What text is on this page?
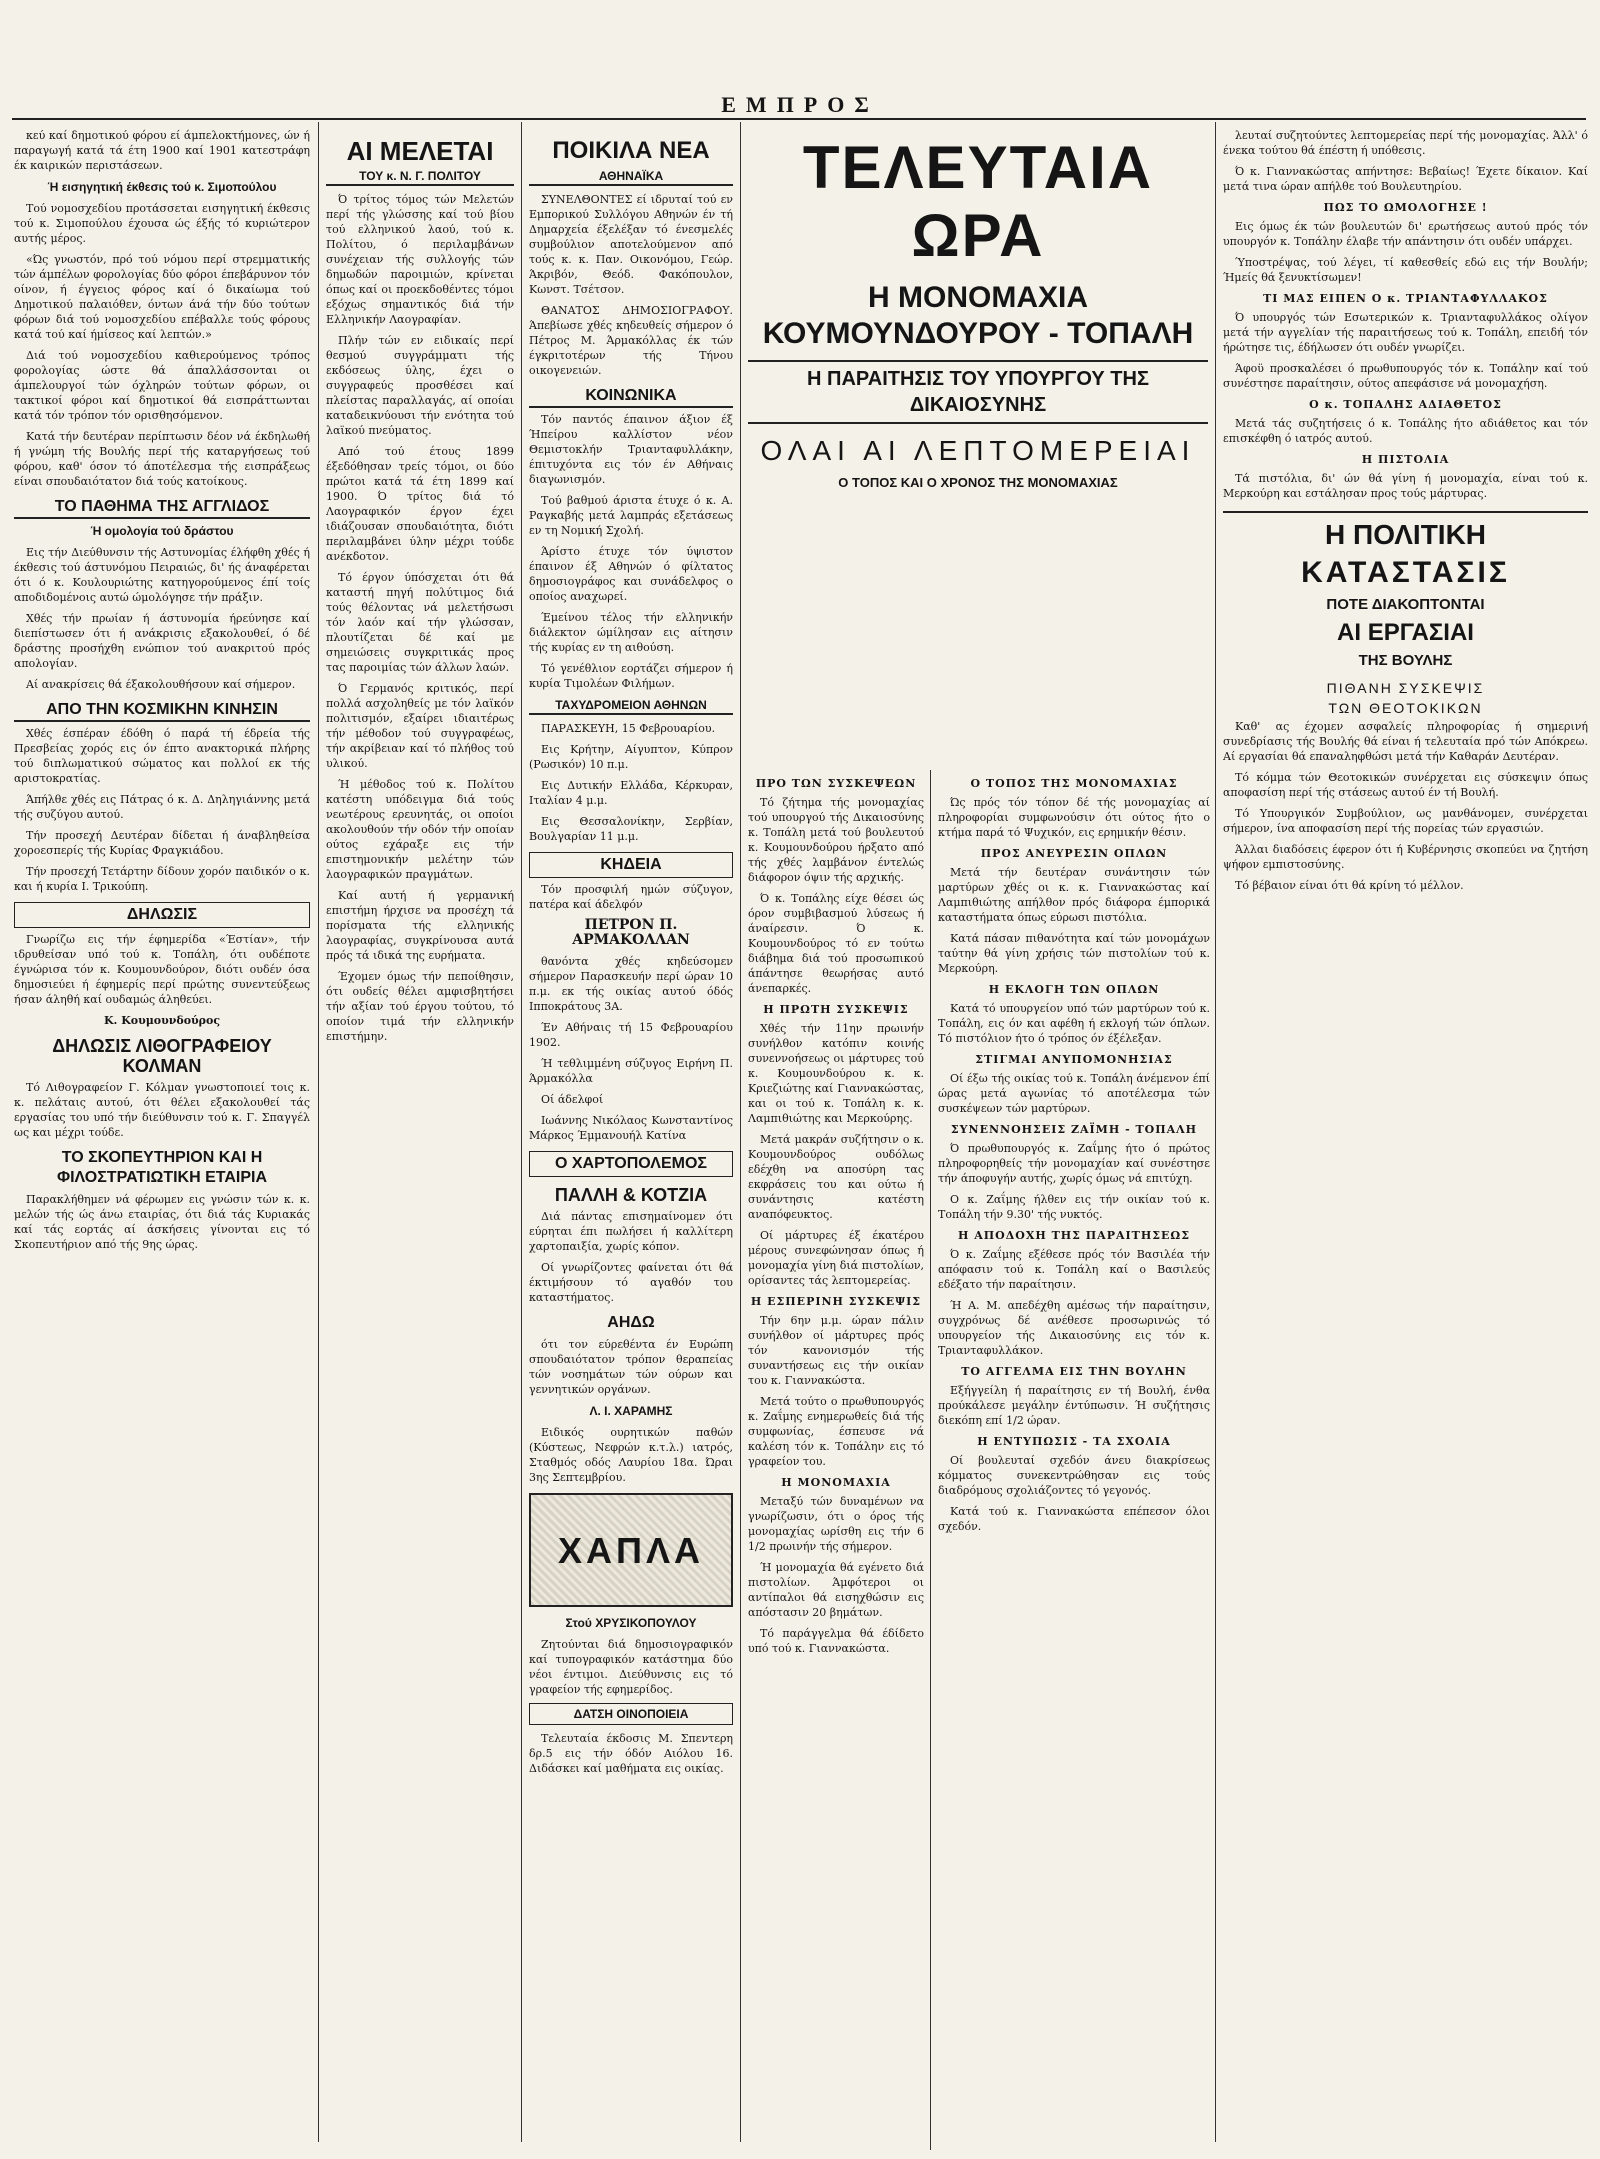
ΕΜΠΡΟΣ

κεύ καί δημοτικού φόρου εί άμπελοκτήμονες, ών ή παραγωγή κατά τά έτη 1900 καί 1901 κατεστράφη έκ καιρικών περιστάσεων.

Ή εισηγητική έκθεσις τού κ. Σιμοπούλου

Τού νομοσχεδίου προτάσσεται εισηγητική έκθεσις τού κ. Σιμοπούλου έχουσα ώς έξής τό κυριώτερον αυτής μέρος.

«Ώς γνωστόν, πρό τού νόμου περί στρεμματικής τών άμπέλων φορολογίας δύο φόροι έπεβάρυνον τόν οίνον, ή έγγειος φόρος καί ό δικαίωμα τού Δημοτικού παλαιόθεν, όντων άνά τήν δύο τούτων φόρων διά τού νομοσχεδίου επέβαλλε τούς φόρους κατά τού καί ήμίσεος καί λεπτών.»

Διά τού νομοσχεδίου καθιερούμενος τρόπος φορολογίας ώστε θά άπαλλάσσονται οι άμπελουργοί τών όχληρών τούτων φόρων, οι τακτικοί φόροι καί δημοτικοί θά εισπράττωνται κατά τόν τρόπον τόν ορισθησόμενον.

Κατά τήν δευτέραν περίπτωσιν δέον νά έκδηλωθή ή γνώμη τής Βουλής περί τής καταργήσεως τού φόρου, καθ' όσον τό άποτέλεσμα τής εισπράξεως είναι σπουδαιότατον διά τούς κατοίκους.

ΤΟ ΠΑΘΗΜΑ ΤΗΣ ΑΓΓΛΙΔΟΣ
Ή ομολογία τού δράστου

Εις τήν Διεύθυνσιν τής Αστυνομίας έλήφθη χθές ή έκθεσις τού άστυνόμου Πειραιώς, δι' ής άναφέρεται ότι ό κ. Κουλουριώτης κατηγορούμενος έπί τοίς αποδιδομένοις αυτώ ώμολόγησε τήν πράξιν.

Χθές τήν πρωίαν ή άστυνομία ήρεύνησε καί διεπίστωσεν ότι ή ανάκρισις εξακολουθεί, ό δέ δράστης προσήχθη ενώπιον τού ανακριτού πρός απολογίαν.

Αί ανακρίσεις θά έξακολουθήσουν καί σήμερον.

ΑΠΟ ΤΗΝ ΚΟΣΜΙΚΗΝ ΚΙΝΗΣΙΝ

Χθές έσπέραν έδόθη ό παρά τή έδρεία τής Πρεσβείας χορός εις όν έπτο ανακτορικά πλήρης τού διπλωματικού σώματος και πολλοί εκ τής αριστοκρατίας.

Άπήλθε χθές εις Πάτρας ό κ. Δ. Δηληγιάννης μετά τής συζύγου αυτού.

Τήν προσεχή Δευτέραν δίδεται ή άναβληθείσα χοροεσπερίς τής Κυρίας Φραγκιάδου.

Τήν προσεχή Τετάρτην δίδουν χορόν παιδικόν ο κ. και ή κυρία Ι. Τρικούπη.

ΔΗΛΩΣΙΣ

Γνωρίζω εις τήν έφημερίδα «Έστίαν», τήν ιδρυθείσαν υπό τού κ. Τοπάλη, ότι ουδέποτε έγνώρισα τόν κ. Κουμουνδούρον, διότι ουδέν όσα δημοσιεύει ή έφημερίς περί πρώτης συνεντεύξεως ήσαν άληθή καί ουδαμώς άληθεύει.

Κ. Κουμουνδούρος
ΔΗΛΩΣΙΣ ΛΙΘΟΓΡΑΦΕΙΟΥ ΚΟΛΜΑΝ

Τό Λιθογραφείον Γ. Κόλμαν γνωστοποιεί τοις κ. κ. πελάταις αυτού, ότι θέλει εξακολουθεί τάς εργασίας του υπό τήν διεύθυνσιν τού κ. Γ. Σπαγγέλ ως και μέχρι τούδε.

ΤΟ ΣΚΟΠΕΥΤΗΡΙΟΝ ΚΑΙ Η ΦΙΛΟΣΤΡΑΤΙΩΤΙΚΗ ΕΤΑΙΡΙΑ

Παρακλήθημεν νά φέρωμεν εις γνώσιν τών κ. κ. μελών τής ώς άνω εταιρίας, ότι διά τάς Κυριακάς καί τάς εορτάς αί άσκήσεις γίνονται εις τό Σκοπευτήριον από τής 9ης ώρας.

ΑΙ ΜΕΛΕΤΑΙ
ΤΟΥ κ. Ν. Γ. ΠΟΛΙΤΟΥ

Ό τρίτος τόμος τών Μελετών περί τής γλώσσης καί τού βίου τού ελληνικού λαού, τού κ. Πολίτου, ό περιλαμβάνων συνέχειαν τής συλλογής τών δημωδών παροιμιών, κρίνεται όπως καί οι προεκδοθέντες τόμοι εξόχως σημαντικός διά τήν Ελληνικήν Λαογραφίαν.

Πλήν τών εν ειδικαίς περί θεσμού συγγράμματι τής εκδόσεως ύλης, έχει ο συγγραφεύς προσθέσει καί πλείστας παραλλαγάς, αί οποίαι καταδεικνύουσι τήν ενότητα τού λαϊκού πνεύματος.

Από τού έτους 1899 έξεδόθησαν τρείς τόμοι, οι δύο πρώτοι κατά τά έτη 1899 καί 1900. Ό τρίτος διά τό Λαογραφικόν έργον έχει ιδιάζουσαν σπουδαιότητα, διότι περιλαμβάνει ύλην μέχρι τούδε ανέκδοτον.

Τό έργον ύπόσχεται ότι θά καταστή πηγή πολύτιμος διά τούς θέλοντας νά μελετήσωσι τόν λαόν καί τήν γλώσσαν, πλουτίζεται δέ καί με σημειώσεις συγκριτικάς προς τας παροιμίας τών άλλων λαών.

Ό Γερμανός κριτικός, περί πολλά ασχοληθείς με τόν λαϊκόν πολιτισμόν, εξαίρει ιδιαιτέρως τήν μέθοδον τού συγγραφέως, τήν ακρίβειαν καί τό πλήθος τού υλικού.

Ή μέθοδος τού κ. Πολίτου κατέστη υπόδειγμα διά τούς νεωτέρους ερευνητάς, οι οποίοι ακολουθούν τήν οδόν τήν οποίαν ούτος εχάραξε εις τήν επιστημονικήν μελέτην τών λαογραφικών πραγμάτων.

Καί αυτή ή γερμανική επιστήμη ήρχισε να προσέχη τά πορίσματα τής ελληνικής λαογραφίας, συγκρίνουσα αυτά πρός τά ιδικά της ευρήματα.

Έχομεν όμως τήν πεποίθησιν, ότι ουδείς θέλει αμφισβητήσει τήν αξίαν τού έργου τούτου, τό οποίον τιμά τήν ελληνικήν επιστήμην.

ΠΟΙΚΙΛΑ ΝΕΑ
ΑΘΗΝΑΪΚΑ

ΣΥΝΕΛΘΟΝΤΕΣ εί ιδρυταί τού εν Εμπορικού Συλλόγου Αθηνών έν τή Δημαρχεία έξελέξαν τό ένεσμελές συμβούλιον αποτελούμενον από τούς κ. κ. Παν. Οικονόμου, Γεώρ. Άκριβόν, Θεόδ. Φακόπουλον, Κωνστ. Τσέτσον.

ΘΑΝΑΤΟΣ ΔΗΜΟΣΙΟΓΡΑΦΟΥ. Άπεβίωσε χθές κηδευθείς σήμερον ό Πέτρος Μ. Άρμακόλλας έκ τών έγκριτοτέρων τής Τήνου οικογενειών.

ΚΟΙΝΩΝΙΚΑ

Τόν παντός έπαινον άξιον έξ Ήπείρου καλλίστον νέον Θεμιστοκλήν Τριανταφυλλάκην, έπιτυχόντα εις τόν έν Αθήναις διαγωνισμόν.

Τού βαθμού άριστα έτυχε ό κ. Α. Ραγκαβής μετά λαμπράς εξετάσεως εν τη Νομική Σχολή.

Άρίστο έτυχε τόν ύψιστον έπαινον έξ Αθηνών ό φίλτατος δημοσιογράφος και συνάδελφος ο οποίος αναχωρεί.

Έμείνου τέλος τήν ελληνικήν διάλεκτον ώμίλησαν εις αίτησιν τής κυρίας εν τη αιθούση.

Τό γενέθλιον εορτάζει σήμερον ή κυρία Τιμολέων Φιλήμων.

ΤΑΧΥΔΡΟΜΕΙΟΝ ΑΘΗΝΩΝ

ΠΑΡΑΣΚΕΥΗ, 15 Φεβρουαρίου.

Εις Κρήτην, Αίγυπτον, Κύπρον (Ρωσικόν) 10 π.μ.

Εις Δυτικήν Ελλάδα, Κέρκυραν, Ιταλίαν 4 μ.μ.

Εις Θεσσαλονίκην, Σερβίαν, Βουλγαρίαν 11 μ.μ.

ΚΗΔΕΙΑ

Τόν προσφιλή ημών σύζυγον, πατέρα καί άδελφόν

ΠΕΤΡΟΝ Π. ΑΡΜΑΚΟΛΛΑΝ

θανόντα χθές κηδεύσομεν σήμερον Παρασκευήν περί ώραν 10 π.μ. εκ τής οικίας αυτού όδός Ιπποκράτους 3Α.

Έν Αθήναις τή 15 Φεβρουαρίου 1902.

Ή τεθλιμμένη σύζυγος Ειρήνη Π. Άρμακόλλα

Οί άδελφοί

Ιωάννης Νικόλαος Κωνσταντίνος Μάρκος Έμμανουήλ Κατίνα

Ο ΧΑΡΤΟΠΟΛΕΜΟΣ
ΠΑΛΛΗ & ΚΟΤΖΙΑ

Διά πάντας επισημαίνομεν ότι εύρηται έπι πωλήσει ή καλλίτερη χαρτοπαιξία, χωρίς κόπον.

Οί γνωρίζοντες φαίνεται ότι θά έκτιμήσουν τό αγαθόν του καταστήματος.

ΑΗΔΩ

ότι τον εύρεθέντα έν Ευρώπη σπουδαιότατον τρόπον θεραπείας τών νοσημάτων τών ούρων και γεννητικών οργάνων.

Λ. Ι. ΧΑΡΑΜΗΣ

Ειδικός ουρητικών παθών (Κύστεως, Νεφρών κ.τ.λ.) ιατρός, Σταθμός οδός Λαυρίου 18α. Ώραι 3ης Σεπτεμβρίου.

ΧΑΠΛΑ
Στού ΧΡΥΣΙΚΟΠΟΥΛΟΥ

Ζητούνται διά δημοσιογραφικόν καί τυπογραφικόν κατάστημα δύο νέοι έντιμοι. Διεύθυνσις εις τό γραφείον τής εφημερίδος.

ΔΑΤΣΗ ΟΙΝΟΠΟΙΕΙΑ

Τελευταία έκδοσις Μ. Σπεντερη δρ.5 εις τήν όδόν Αιόλου 16. Διδάσκει καί μαθήματα εις οικίας.

ΤΕΛΕΥΤΑΙΑ ΩΡΑ
Η ΜΟΝΟΜΑΧΙΑ ΚΟΥΜΟΥΝΔΟΥΡΟΥ - ΤΟΠΑΛΗ
Η ΠΑΡΑΙΤΗΣΙΣ ΤΟΥ ΥΠΟΥΡΓΟΥ ΤΗΣ ΔΙΚΑΙΟΣΥΝΗΣ
ΟΛΑΙ ΑΙ ΛΕΠΤΟΜΕΡΕΙΑΙ
Ο ΤΟΠΟΣ ΚΑΙ Ο ΧΡΟΝΟΣ ΤΗΣ ΜΟΝΟΜΑΧΙΑΣ
ΠΡΟ ΤΩΝ ΣΥΣΚΕΨΕΩΝ

Τό ζήτημα τής μονομαχίας τού υπουργού τής Δικαιοσύνης κ. Τοπάλη μετά τού βουλευτού κ. Κουμουνδούρου ήρξατο από τής χθές λαμβάνον έντελώς διάφορον όψιν τής αρχικής.

Ό κ. Τοπάλης είχε θέσει ώς όρον συμβιβασμού λύσεως ή άναίρεσιν. Ό κ. Κουμουνδούρος τό εν τούτω διάβημα διά τού προσωπικού άπάντησε θεωρήσας αυτό άνεπαρκές.

Η ΠΡΩΤΗ ΣΥΣΚΕΨΙΣ

Χθές τήν 11ην πρωινήν συνήλθον κατόπιν κοινής συνεννοήσεως οι μάρτυρες τού κ. Κουμουνδούρου κ. κ. Κριεζιώτης καί Γιαννακώστας, και οι τού κ. Τοπάλη κ. κ. Λαμπιθιώτης και Μερκούρης.

Μετά μακράν συζήτησιν ο κ. Κουμουνδούρος ουδόλως εδέχθη να αποσύρη τας εκφράσεις του και ούτω ή συνάντησις κατέστη αναπόφευκτος.

Οί μάρτυρες έξ έκατέρου μέρους συνεφώνησαν όπως ή μονομαχία γίνη διά πιστολίων, ορίσαντες τάς λεπτομερείας.

Η ΕΣΠΕΡΙΝΗ ΣΥΣΚΕΨΙΣ

Τήν 6ην μ.μ. ώραν πάλιν συνήλθον οί μάρτυρες πρός τόν κανονισμόν τής συναντήσεως εις τήν οικίαν του κ. Γιαννακώστα.

Μετά τούτο ο πρωθυπουργός κ. Ζαΐμης ενημερωθείς διά τής συμφωνίας, έσπευσε νά καλέση τόν κ. Τοπάλην εις τό γραφείον του.

Η ΜΟΝΟΜΑΧΙΑ

Μεταξύ τών δυναμένων να γνωρίζωσιν, ότι ο όρος τής μονομαχίας ωρίσθη εις τήν 6 1/2 πρωινήν τής σήμερον.

Ή μονομαχία θά εγένετο διά πιστολίων. Άμφότεροι οι αντίπαλοι θά εισηχθώσιν εις απόστασιν 20 βημάτων.

Τό παράγγελμα θά έδίδετο υπό τού κ. Γιαννακώστα.

Ο ΤΟΠΟΣ ΤΗΣ ΜΟΝΟΜΑΧΙΑΣ

Ώς πρός τόν τόπον δέ τής μονομαχίας αί πληροφορίαι συμφωνούσιν ότι ούτος ήτο ο κτήμα παρά τό Ψυχικόν, εις ερημικήν θέσιν.

ΠΡΟΣ ΑΝΕΥΡΕΣΙΝ ΟΠΛΩΝ

Μετά τήν δευτέραν συνάντησιν τών μαρτύρων χθές οι κ. κ. Γιαννακώστας καί Λαμπιθιώτης απήλθον πρός διάφορα έμπορικά καταστήματα όπως εύρωσι πιστόλια.

Κατά πάσαν πιθανότητα καί τών μονομάχων ταύτην θά γίνη χρήσις τών πιστολίων τού κ. Μερκούρη.

Η ΕΚΛΟΓΗ ΤΩΝ ΟΠΛΩΝ

Κατά τό υπουργείον υπό τών μαρτύρων τού κ. Τοπάλη, εις όν και αφέθη ή εκλογή τών όπλων. Τό πιστόλιον ήτο ό τρόπος όν έξέλεξαν.

ΣΤΙΓΜΑΙ ΑΝΥΠΟΜΟΝΗΣΙΑΣ

Οί έξω τής οικίας τού κ. Τοπάλη άνέμενον έπί ώρας μετά αγωνίας τό αποτέλεσμα τών συσκέψεων τών μαρτύρων.

ΣΥΝΕΝΝΟΗΣΕΙΣ ΖΑΪΜΗ - ΤΟΠΑΛΗ

Ό πρωθυπουργός κ. Ζαΐμης ήτο ό πρώτος πληροφορηθείς τήν μονομαχίαν καί συνέστησε τήν άποφυγήν αυτής, χωρίς όμως νά επιτύχη.

Ο κ. Ζαΐμης ήλθεν εις τήν οικίαν τού κ. Τοπάλη τήν 9.30' τής νυκτός.

Η ΑΠΟΔΟΧΗ ΤΗΣ ΠΑΡΑΙΤΗΣΕΩΣ

Ό κ. Ζαΐμης εξέθεσε πρός τόν Βασιλέα τήν απόφασιν τού κ. Τοπάλη καί ο Βασιλεύς εδέξατο τήν παραίτησιν.

Ή Α. Μ. απεδέχθη αμέσως τήν παραίτησιν, συγχρόνως δέ ανέθεσε προσωρινώς τό υπουργείον τής Δικαιοσύνης εις τόν κ. Τριανταφυλλάκον.

ΤΟ ΑΓΓΕΛΜΑ ΕΙΣ ΤΗΝ ΒΟΥΛΗΝ

Εξήγγείλη ή παραίτησις εν τή Βουλή, ένθα προύκάλεσε μεγάλην έντύπωσιν. Ή συζήτησις διεκόπη επί 1/2 ώραν.

Η ΕΝΤΥΠΩΣΙΣ - ΤΑ ΣΧΟΛΙΑ

Οί βουλευταί σχεδόν άνευ διακρίσεως κόμματος συνεκεντρώθησαν εις τούς διαδρόμους σχολιάζοντες τό γεγονός.

Κατά τού κ. Γιαννακώστα επέπεσον όλοι σχεδόν.

λευταί συζητούντες λεπτομερείας περί τής μονομαχίας. Άλλ' ό ένεκα τούτου θά έπέστη ή υπόθεσις.

Ό κ. Γιαννακώστας απήντησε: Βεβαίως! Έχετε δίκαιον. Καί μετά τινα ώραν απήλθε τού Βουλευτηρίου.

ΠΩΣ ΤΟ ΩΜΟΛΟΓΗΣΕ !

Εις όμως έκ τών βουλευτών δι' ερωτήσεως αυτού πρός τόν υπουργόν κ. Τοπάλην έλαβε τήν απάντησιν ότι ουδέν υπάρχει.

Ύποστρέψας, τού λέγει, τί καθεσθείς εδώ εις τήν Βουλήν; Ήμείς θά ξενυκτίσωμεν!

ΤΙ ΜΑΣ ΕΙΠΕΝ Ο κ. ΤΡΙΑΝΤΑΦΥΛΛΑΚΟΣ

Ό υπουργός τών Εσωτερικών κ. Τριανταφυλλάκος ολίγον μετά τήν αγγελίαν τής παραιτήσεως τού κ. Τοπάλη, επειδή τόν ήρώτησε τις, έδήλωσεν ότι ουδέν γνωρίζει.

Άφοϋ προσκαλέσει ό πρωθυπουργός τόν κ. Τοπάλην καί τού συνέστησε παραίτησιν, ούτος απεφάσισε νά μονομαχήση.

Ο κ. ΤΟΠΑΛΗΣ ΑΔΙΑΘΕΤΟΣ

Μετά τάς συζητήσεις ό κ. Τοπάλης ήτο αδιάθετος και τόν επισκέφθη ό ιατρός αυτού.

Η ΠΙΣΤΟΛΙΑ

Τά πιστόλια, δι' ών θά γίνη ή μονομαχία, είναι τού κ. Μερκούρη και εστάλησαν προς τούς μάρτυρας.

Η ΠΟΛΙΤΙΚΗ
ΚΑΤΑΣΤΑΣΙΣ
ΠΟΤΕ ΔΙΑΚΟΠΤΟΝΤΑΙ
ΑΙ ΕΡΓΑΣΙΑΙ
ΤΗΣ ΒΟΥΛΗΣ
ΠΙΘΑΝΗ ΣΥΣΚΕΨΙΣ
ΤΩΝ ΘΕΟΤΟΚΙΚΩΝ

Καθ' ας έχομεν ασφαλείς πληροφορίας ή σημερινή συνεδρίασις τής Βουλής θά είναι ή τελευταία πρό τών Απόκρεω. Αί εργασίαι θά επαναληφθώσι μετά τήν Καθαράν Δευτέραν.

Τό κόμμα τών Θεοτοκικών συνέρχεται εις σύσκεψιν όπως αποφασίση περί τής στάσεως αυτού έν τή Βουλή.

Τό Υπουργικόν Συμβούλιον, ως μανθάνομεν, συνέρχεται σήμερον, ίνα αποφασίση περί τής πορείας τών εργασιών.

Άλλαι διαδόσεις έφερον ότι ή Κυβέρνησις σκοπεύει να ζητήση ψήφον εμπιστοσύνης.

Τό βέβαιον είναι ότι θά κρίνη τό μέλλον.
